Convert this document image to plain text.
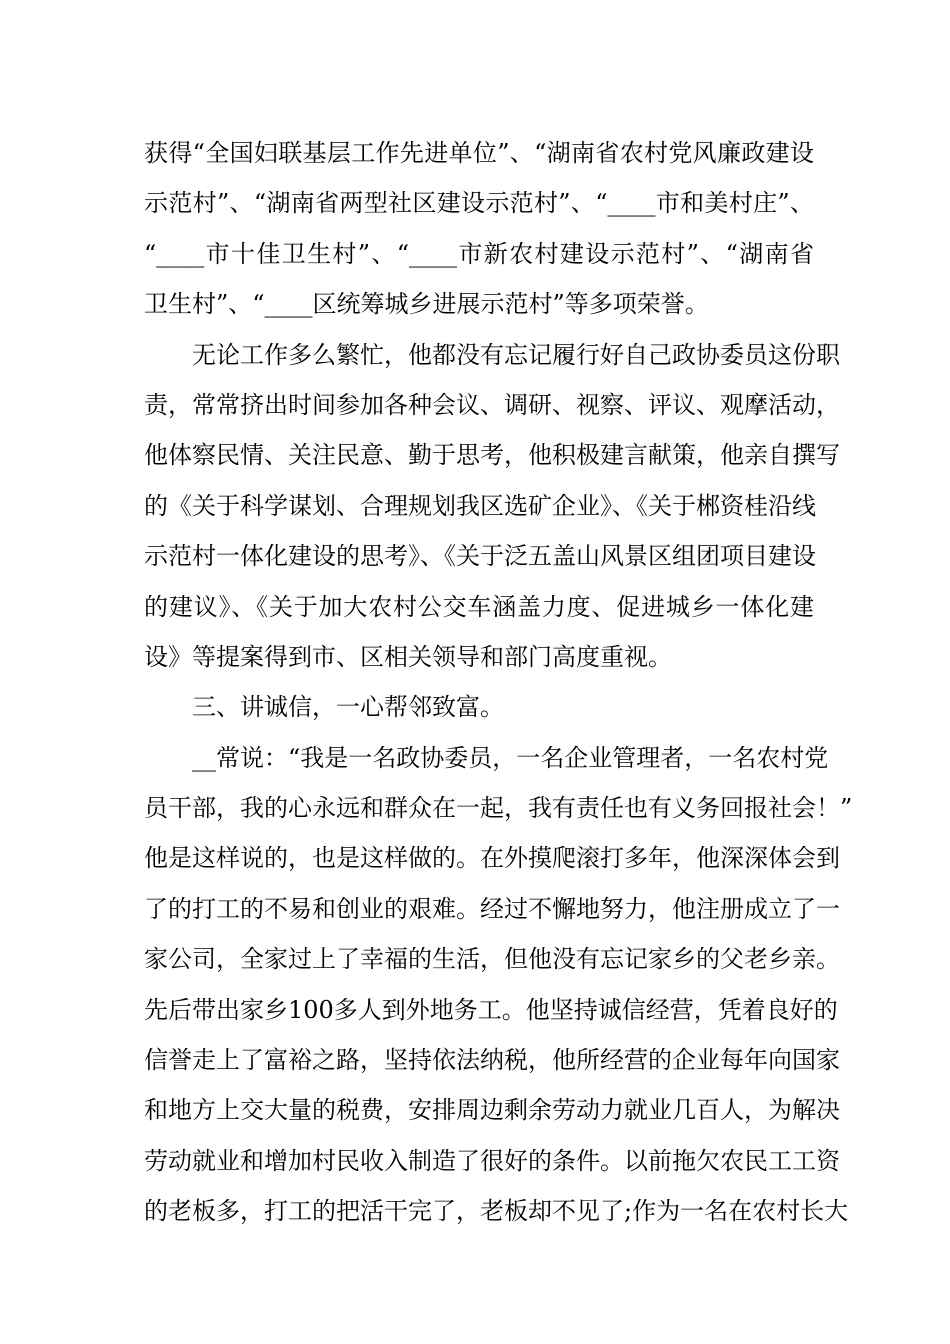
获得“全国妇联基层工作先进单位”、“湖南省农村党风廉政建设
示范村”、“湖南省两型社区建设示范村”、“____市和美村庄”、
“____市十佳卫生村”、“____市新农村建设示范村”、“湖南省
卫生村”、“____区统筹城乡进展示范村”等多项荣誉。
无论工作多么繁忙，他都没有忘记履行好自己政协委员这份职
责，常常挤出时间参加各种会议、调研、视察、评议、观摩活动，
他体察民情、关注民意、勤于思考，他积极建言献策，他亲自撰写
的《关于科学谋划、合理规划我区选矿企业》、《关于郴资桂沿线
示范村一体化建设的思考》、《关于泛五盖山风景区组团项目建设
的建议》、《关于加大农村公交车涵盖力度、促进城乡一体化建
设》等提案得到市、区相关领导和部门高度重视。
三、讲诚信，一心帮邻致富。
__常说：“我是一名政协委员，一名企业管理者，一名农村党
员干部，我的心永远和群众在一起，我有责任也有义务回报社会！”
他是这样说的，也是这样做的。在外摸爬滚打多年，他深深体会到
了的打工的不易和创业的艰难。经过不懈地努力，他注册成立了一
家公司，全家过上了幸福的生活，但他没有忘记家乡的父老乡亲。
先后带出家乡100多人到外地务工。他坚持诚信经营，凭着良好的
信誉走上了富裕之路，坚持依法纳税，他所经营的企业每年向国家
和地方上交大量的税费，安排周边剩余劳动力就业几百人，为解决
劳动就业和增加村民收入制造了很好的条件。以前拖欠农民工工资
的老板多，打工的把活干完了，老板却不见了;作为一名在农村长大
